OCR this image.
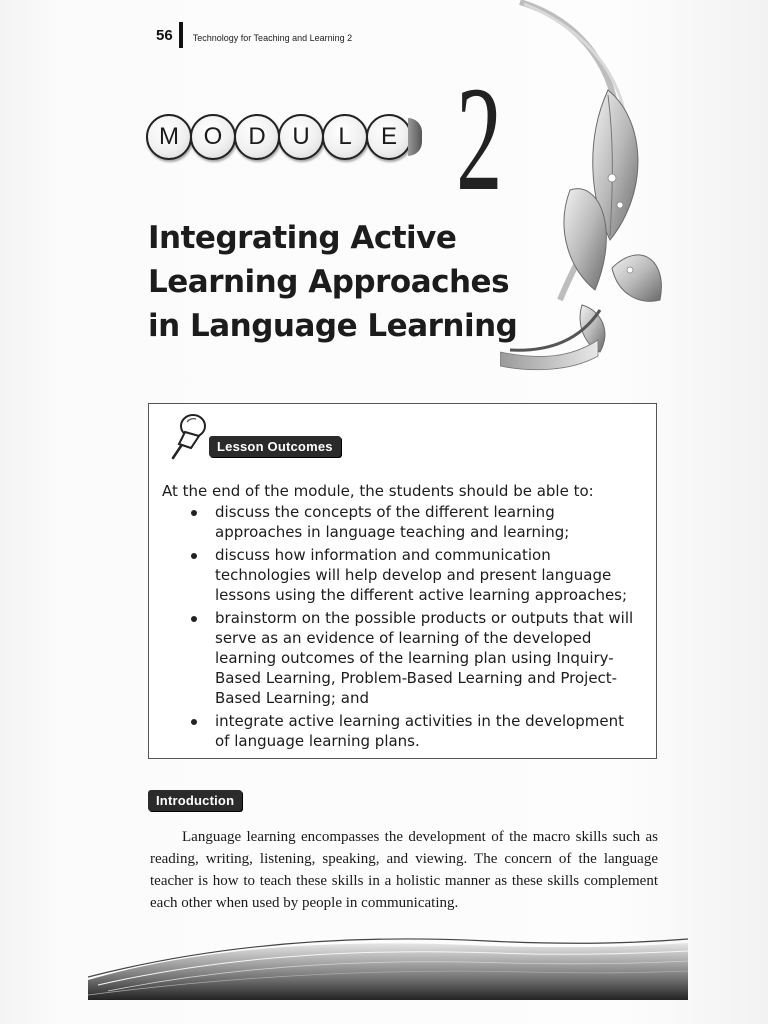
56 Technology for Teaching and Learning 2
M	O	D	U	L	E 2
Integrating Active
Learning Approaches
in Language Learning
Lesson Outcomes
At the end of the module, the students should be able to:
discuss the concepts of the different learning approaches in language teaching and learning;
discuss how information and communication technologies will help develop and present language lessons using the different active learning approaches;
brainstorm on the possible products or outputs that will serve as an evidence of learning of the developed learning outcomes of the learning plan using Inquiry-Based Learning, Problem-Based Learning and Project-Based Learning; and
integrate active learning activities in the development of language learning plans.
Introduction

Language learning encompasses the development of the macro skills such as reading, writing, listening, speaking, and viewing. The concern of the language teacher is how to teach these skills in a holistic manner as these skills complement each other when used by people in communicating.
